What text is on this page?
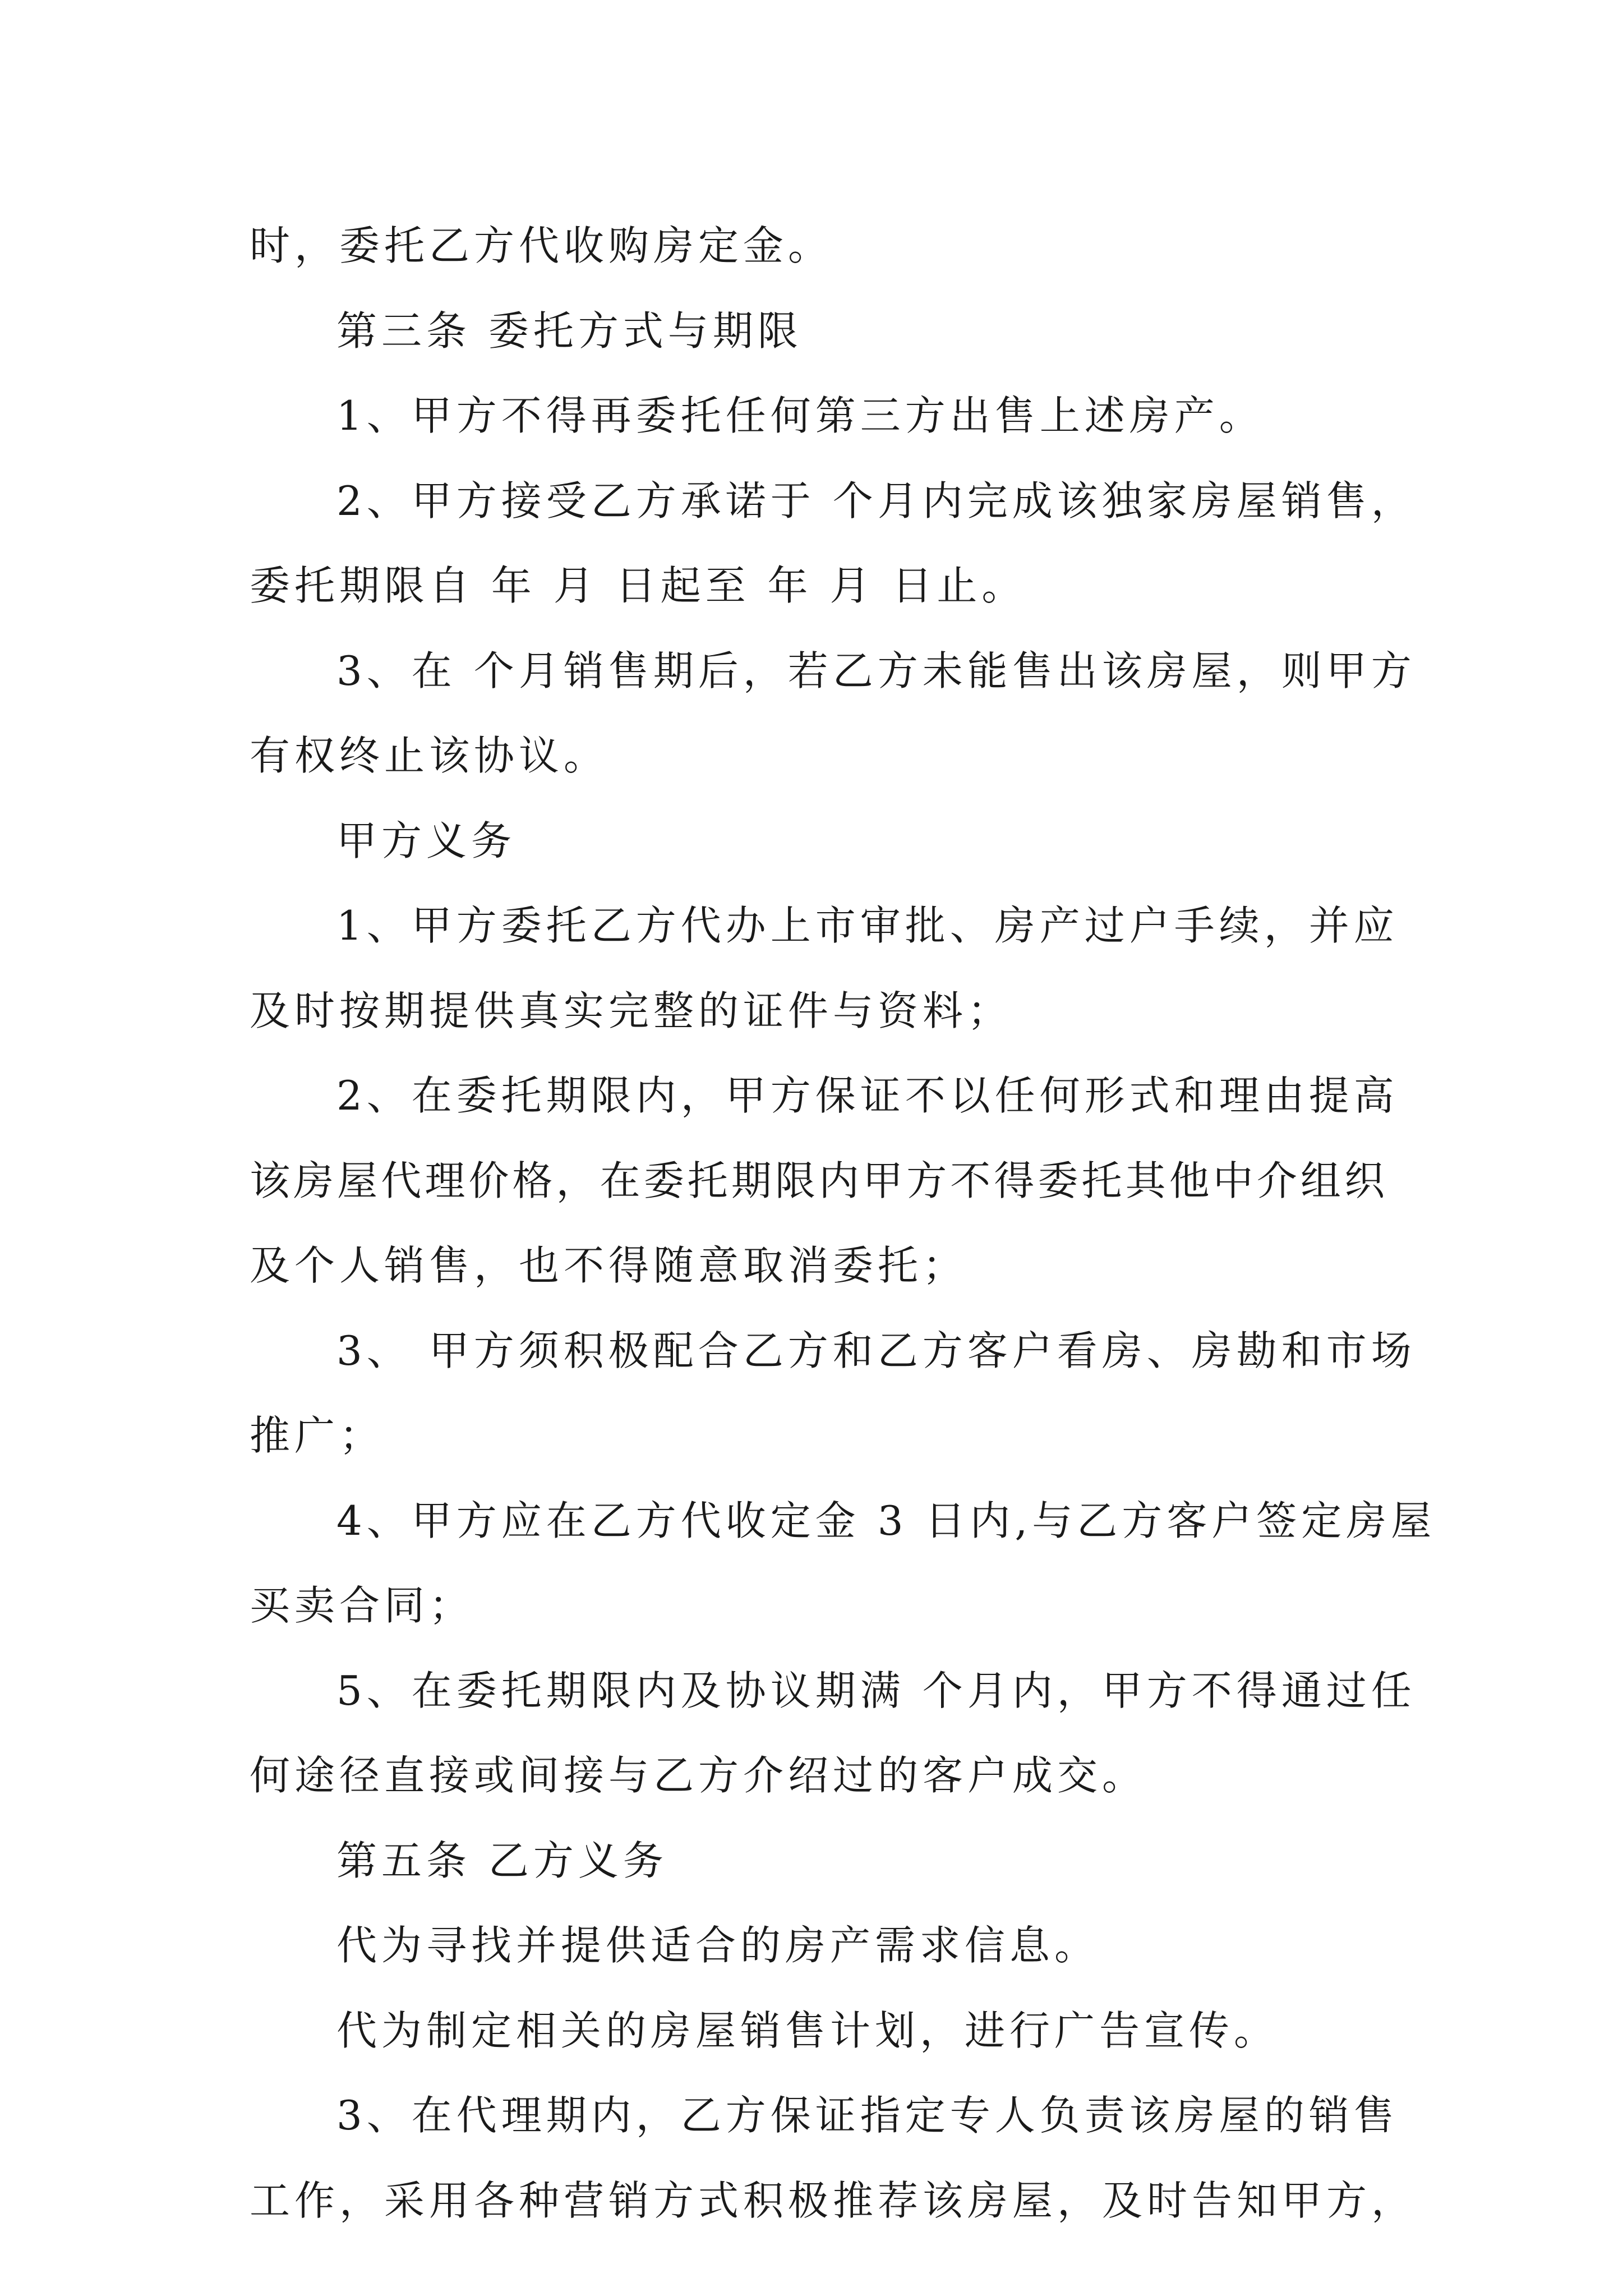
时，委托乙方代收购房定金。

第三条 委托方式与期限

1、甲方不得再委托任何第三方出售上述房产。

2、甲方接受乙方承诺于 个月内完成该独家房屋销售，

委托期限自 年 月 日起至 年 月 日止。

3、在 个月销售期后，若乙方未能售出该房屋，则甲方

有权终止该协议。

甲方义务

1、甲方委托乙方代办上市审批、房产过户手续，并应

及时按期提供真实完整的证件与资料；

2、在委托期限内，甲方保证不以任何形式和理由提高

该房屋代理价格，在委托期限内甲方不得委托其他中介组织

及个人销售，也不得随意取消委托；

3、 甲方须积极配合乙方和乙方客户看房、房勘和市场

推广；

4、甲方应在乙方代收定金 3 日内,与乙方客户签定房屋

买卖合同；

5、在委托期限内及协议期满 个月内，甲方不得通过任

何途径直接或间接与乙方介绍过的客户成交。

第五条 乙方义务

代为寻找并提供适合的房产需求信息。

代为制定相关的房屋销售计划，进行广告宣传。

3、在代理期内，乙方保证指定专人负责该房屋的销售

工作，采用各种营销方式积极推荐该房屋，及时告知甲方，
